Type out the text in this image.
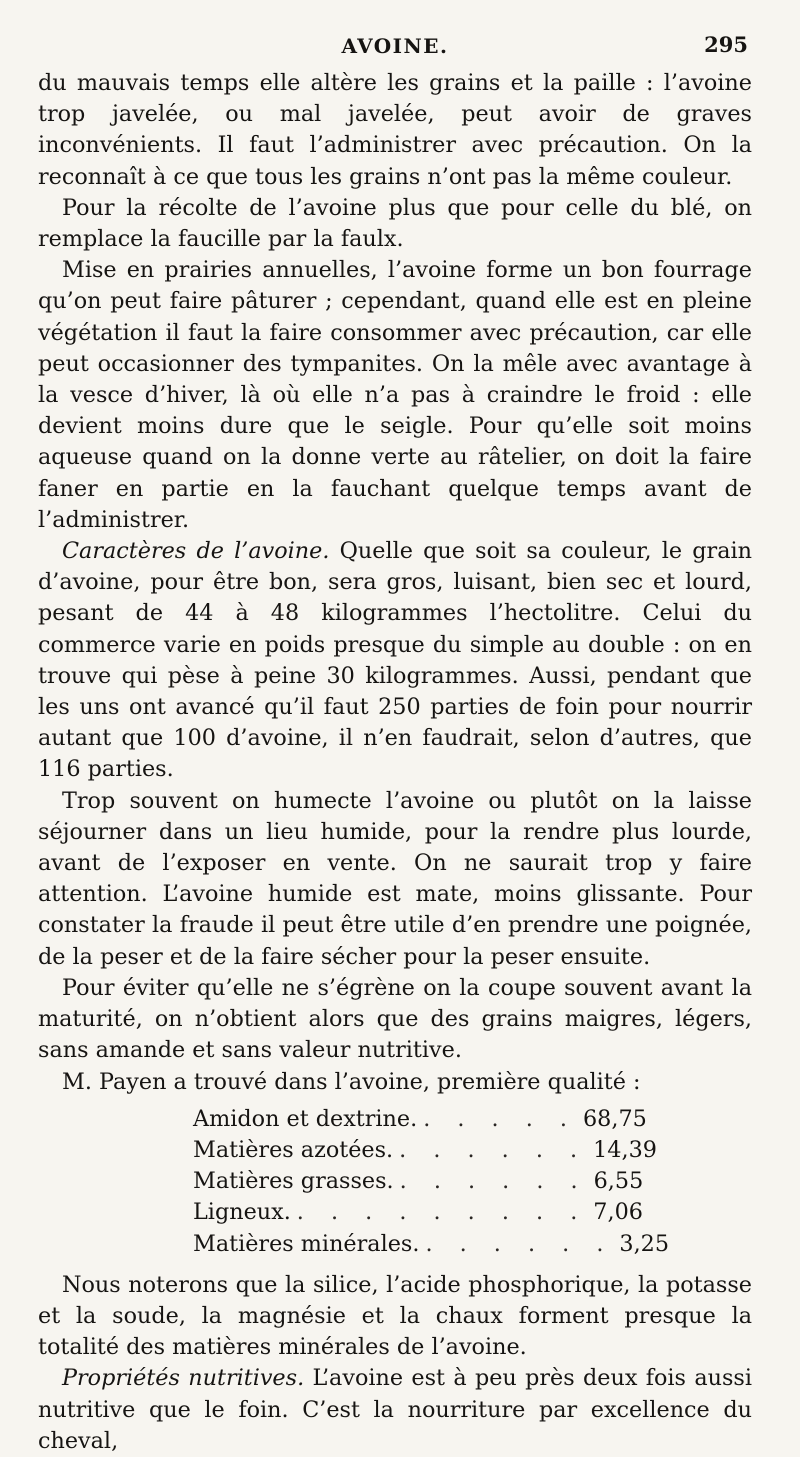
AVOINE.	295

du mauvais temps elle altère les grains et la paille : l’avoine trop javelée, ou mal javelée, peut avoir de graves inconvénients. Il faut l’administrer avec précaution. On la reconnaît à ce que tous les grains n’ont pas la même couleur.

Pour la récolte de l’avoine plus que pour celle du blé, on remplace la faucille par la faulx.

Mise en prairies annuelles, l’avoine forme un bon fourrage qu’on peut faire pâturer ; cependant, quand elle est en pleine végétation il faut la faire consommer avec précaution, car elle peut occasionner des tympanites. On la mêle avec avantage à la vesce d’hiver, là où elle n’a pas à craindre le froid : elle devient moins dure que le seigle. Pour qu’elle soit moins aqueuse quand on la donne verte au râtelier, on doit la faire faner en partie en la fauchant quelque temps avant de l’administrer.

Caractères de l’avoine. Quelle que soit sa couleur, le grain d’avoine, pour être bon, sera gros, luisant, bien sec et lourd, pesant de 44 à 48 kilogrammes l’hectolitre. Celui du commerce varie en poids presque du simple au double : on en trouve qui pèse à peine 30 kilogrammes. Aussi, pendant que les uns ont avancé qu’il faut 250 parties de foin pour nourrir autant que 100 d’avoine, il n’en faudrait, selon d’autres, que 116 parties.

Trop souvent on humecte l’avoine ou plutôt on la laisse séjourner dans un lieu humide, pour la rendre plus lourde, avant de l’exposer en vente. On ne saurait trop y faire attention. L’avoine humide est mate, moins glissante. Pour constater la fraude il peut être utile d’en prendre une poignée, de la peser et de la faire sécher pour la peser ensuite.

Pour éviter qu’elle ne s’égrène on la coupe souvent avant la maturité, on n’obtient alors que des grains maigres, légers, sans amande et sans valeur nutritive.

M. Payen a trouvé dans l’avoine, première qualité :

Amidon et dextrine. . . . . . 68,75
Matières azotées. . . . . . . 14,39
Matières grasses. . . . . . . 6,55
Ligneux. . . . . . . . . . 7,06
Matières minérales. . . . . . . 3,25

Nous noterons que la silice, l’acide phosphorique, la potasse et la soude, la magnésie et la chaux forment presque la totalité des matières minérales de l’avoine.

Propriétés nutritives. L’avoine est à peu près deux fois aussi nutritive que le foin. C’est la nourriture par excellence du cheval,
